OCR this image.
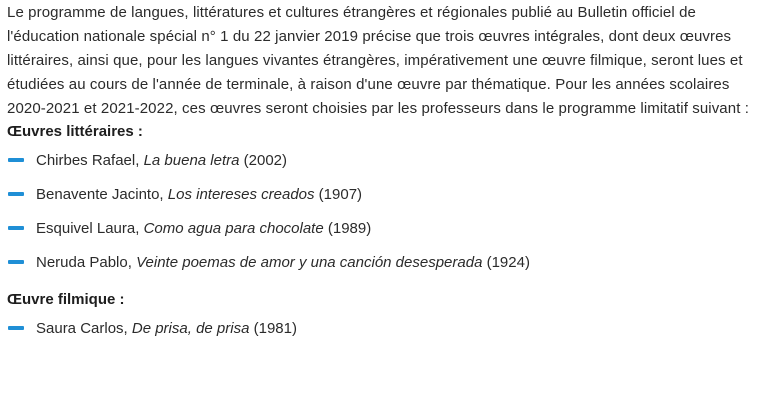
Le programme de langues, littératures et cultures étrangères et régionales publié au Bulletin officiel de l'éducation nationale spécial n° 1 du 22 janvier 2019 précise que trois œuvres intégrales, dont deux œuvres littéraires, ainsi que, pour les langues vivantes étrangères, impérativement une œuvre filmique, seront lues et étudiées au cours de l'année de terminale, à raison d'une œuvre par thématique. Pour les années scolaires 2020-2021 et 2021-2022, ces œuvres seront choisies par les professeurs dans le programme limitatif suivant :

Œuvres littéraires :
Chirbes Rafael, La buena letra (2002)
Benavente Jacinto, Los intereses creados (1907)
Esquivel Laura, Como agua para chocolate (1989)
Neruda Pablo, Veinte poemas de amor y una canción desesperada (1924)
Œuvre filmique :
Saura Carlos, De prisa, de prisa (1981)
